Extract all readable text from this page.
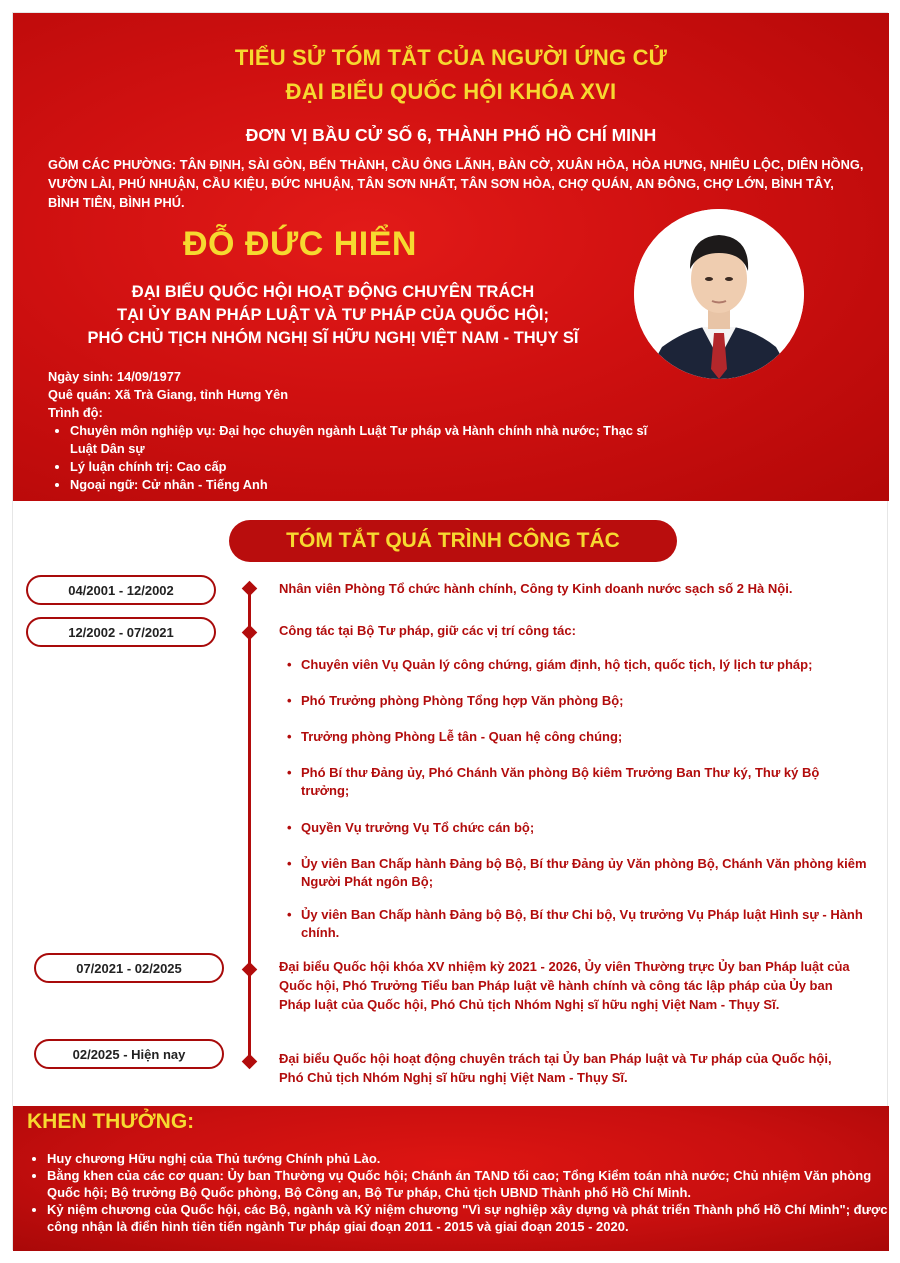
TIỂU SỬ TÓM TẮT CỦA NGƯỜI ỨNG CỬ
ĐẠI BIỂU QUỐC HỘI KHÓA XVI
ĐƠN VỊ BẦU CỬ SỐ 6, THÀNH PHỐ HỒ CHÍ MINH
GỒM CÁC PHƯỜNG: TÂN ĐỊNH, SÀI GÒN, BẾN THÀNH, CẦU ÔNG LÃNH, BÀN CỜ, XUÂN HÒA, HÒA HƯNG, NHIÊU LỘC, DIÊN HỒNG, VƯỜN LÀI, PHÚ NHUẬN, CẦU KIỆU, ĐỨC NHUẬN, TÂN SƠN NHẤT, TÂN SƠN HÒA, CHỢ QUÁN, AN ĐÔNG, CHỢ LỚN, BÌNH TÂY, BÌNH TIÊN, BÌNH PHÚ.
ĐỖ ĐỨC HIỂN
ĐẠI BIỂU QUỐC HỘI HOẠT ĐỘNG CHUYÊN TRÁCH
TẠI ỦY BAN PHÁP LUẬT VÀ TƯ PHÁP CỦA QUỐC HỘI;
PHÓ CHỦ TỊCH NHÓM NGHỊ SĨ HỮU NGHỊ VIỆT NAM - THỤY SĨ
Ngày sinh: 14/09/1977
Quê quán: Xã Trà Giang, tỉnh Hưng Yên
Trình độ:
• Chuyên môn nghiệp vụ: Đại học chuyên ngành Luật Tư pháp và Hành chính nhà nước; Thạc sĩ Luật Dân sự
• Lý luận chính trị: Cao cấp
• Ngoại ngữ: Cử nhân - Tiếng Anh
TÓM TẮT QUÁ TRÌNH CÔNG TÁC
04/2001 - 12/2002	Nhân viên Phòng Tổ chức hành chính, Công ty Kinh doanh nước sạch số 2 Hà Nội.
12/2002 - 07/2021	Công tác tại Bộ Tư pháp, giữ các vị trí công tác:
• Chuyên viên Vụ Quản lý công chứng, giám định, hộ tịch, quốc tịch, lý lịch tư pháp;
• Phó Trưởng phòng Phòng Tổng hợp Văn phòng Bộ;
• Trưởng phòng Phòng Lễ tân - Quan hệ công chúng;
• Phó Bí thư Đảng ủy, Phó Chánh Văn phòng Bộ kiêm Trưởng Ban Thư ký, Thư ký Bộ trưởng;
• Quyền Vụ trưởng Vụ Tổ chức cán bộ;
• Ủy viên Ban Chấp hành Đảng bộ Bộ, Bí thư Đảng ủy Văn phòng Bộ, Chánh Văn phòng kiêm Người Phát ngôn Bộ;
• Ủy viên Ban Chấp hành Đảng bộ Bộ, Bí thư Chi bộ, Vụ trưởng Vụ Pháp luật Hình sự - Hành chính.
07/2021 - 02/2025	Đại biểu Quốc hội khóa XV nhiệm kỳ 2021 - 2026, Ủy viên Thường trực Ủy ban Pháp luật của Quốc hội, Phó Trưởng Tiểu ban Pháp luật về hành chính và công tác lập pháp của Ủy ban Pháp luật của Quốc hội, Phó Chủ tịch Nhóm Nghị sĩ hữu nghị Việt Nam - Thụy Sĩ.
02/2025 - Hiện nay	Đại biểu Quốc hội hoạt động chuyên trách tại Ủy ban Pháp luật và Tư pháp của Quốc hội, Phó Chủ tịch Nhóm Nghị sĩ hữu nghị Việt Nam - Thụy Sĩ.
KHEN THƯỞNG:
• Huy chương Hữu nghị của Thủ tướng Chính phủ Lào.
• Bằng khen của các cơ quan: Ủy ban Thường vụ Quốc hội; Chánh án TAND tối cao; Tổng Kiểm toán nhà nước; Chủ nhiệm Văn phòng Quốc hội; Bộ trưởng Bộ Quốc phòng, Bộ Công an, Bộ Tư pháp, Chủ tịch UBND Thành phố Hồ Chí Minh.
• Kỷ niệm chương của Quốc hội, các Bộ, ngành và Kỷ niệm chương "Vì sự nghiệp xây dựng và phát triển Thành phố Hồ Chí Minh"; được công nhận là điển hình tiên tiến ngành Tư pháp giai đoạn 2011 - 2015 và giai đoạn 2015 - 2020.
